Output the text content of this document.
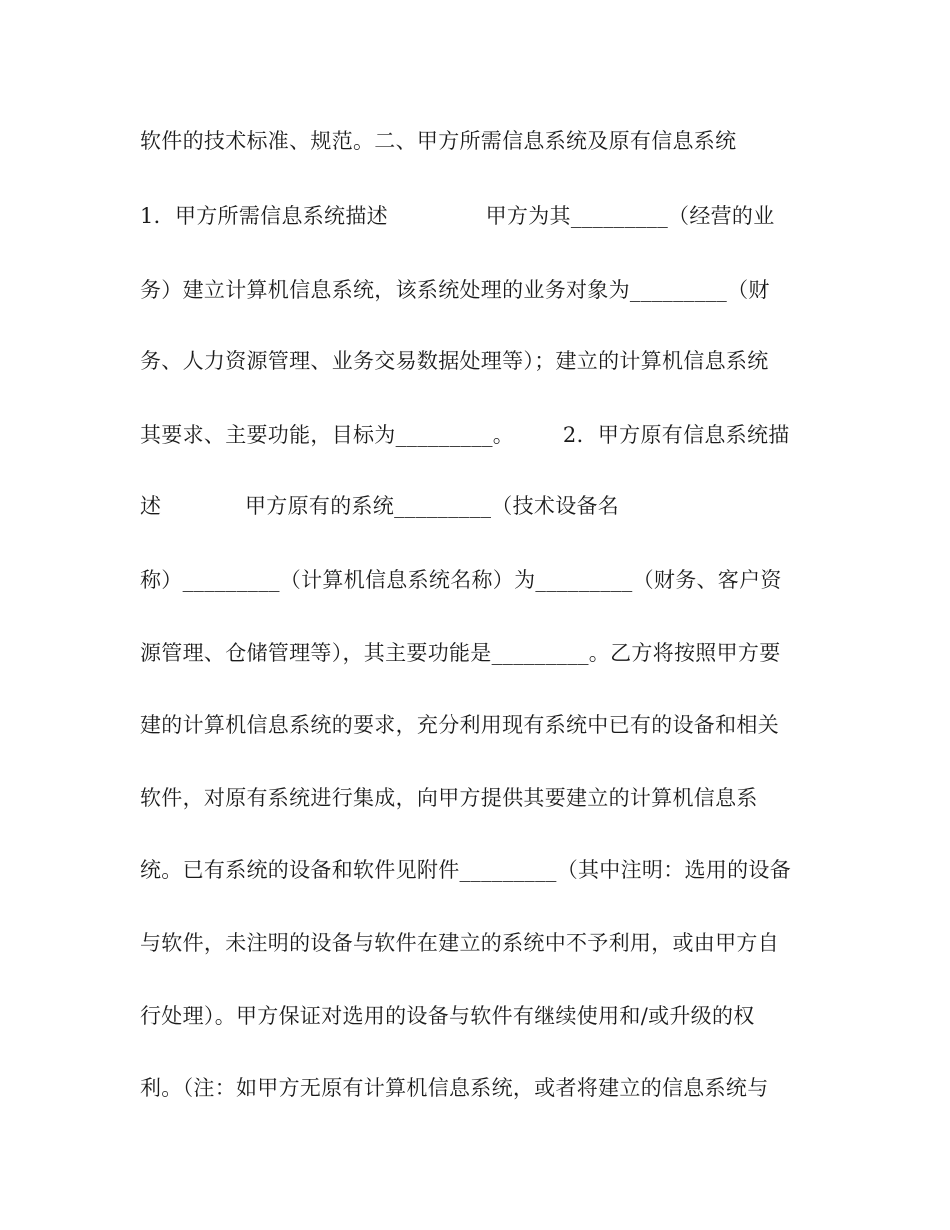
软件的技术标准、规范。二、甲方所需信息系统及原有信息系统
1．甲方所需信息系统描述              甲方为其_________（经营的业
务）建立计算机信息系统，该系统处理的业务对象为_________（财
务、人力资源管理、业务交易数据处理等）；建立的计算机信息系统
其要求、主要功能，目标为_________。       2．甲方原有信息系统描
述            甲方原有的系统_________（技术设备名
称）_________（计算机信息系统名称）为_________（财务、客户资
源管理、仓储管理等），其主要功能是_________。乙方将按照甲方要
建的计算机信息系统的要求，充分利用现有系统中已有的设备和相关
软件，对原有系统进行集成，向甲方提供其要建立的计算机信息系
统。已有系统的设备和软件见附件_________（其中注明：选用的设备
与软件，未注明的设备与软件在建立的系统中不予利用，或由甲方自
行处理）。甲方保证对选用的设备与软件有继续使用和/或升级的权
利。（注：如甲方无原有计算机信息系统，或者将建立的信息系统与
